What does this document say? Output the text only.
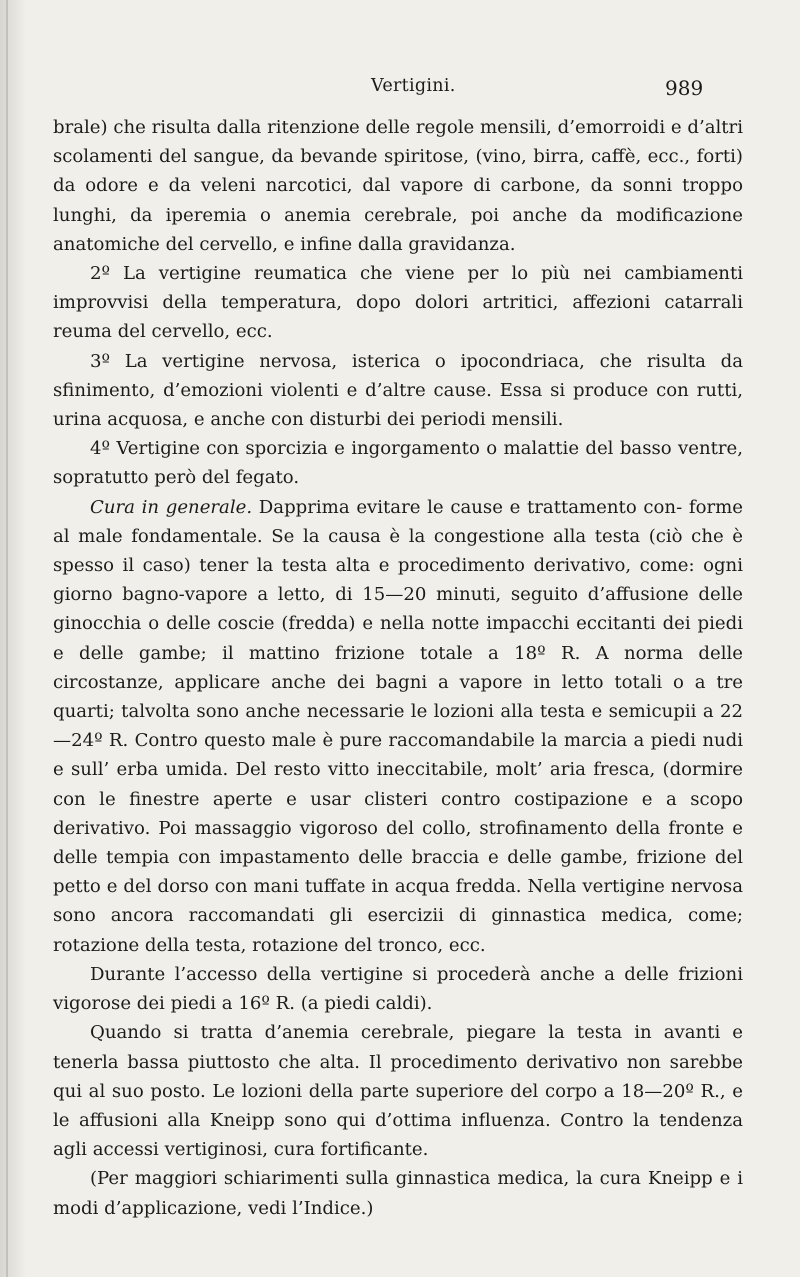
Vertigini.	989

brale) che risulta dalla ritenzione delle regole mensili, d’emorroidi e d’altri scolamenti del sangue, da bevande spiritose, (vino, birra, caffè, ecc., forti) da odore e da veleni narcotici, dal vapore di carbone, da sonni troppo lunghi, da iperemia o anemia cerebrale, poi anche da modificazione anatomiche del cervello, e infine dalla gravidanza.

2º La vertigine reumatica che viene per lo più nei cambiamenti improvvisi della temperatura, dopo dolori artritici, affezioni catarrali reuma del cervello, ecc.

3º La vertigine nervosa, isterica o ipocondriaca, che risulta da sfinimento, d’emozioni violenti e d’altre cause. Essa si produce con rutti, urina acquosa, e anche con disturbi dei periodi mensili.

4º Vertigine con sporcizia e ingorgamento o malattie del basso ventre, sopratutto però del fegato.

Cura in generale. Dapprima evitare le cause e trattamento con- forme al male fondamentale. Se la causa è la congestione alla testa (ciò che è spesso il caso) tener la testa alta e procedimento derivativo, come: ogni giorno bagno-vapore a letto, di 15—20 minuti, seguito d’affusione delle ginocchia o delle coscie (fredda) e nella notte impacchi eccitanti dei piedi e delle gambe; il mattino frizione totale a 18º R. A norma delle circostanze, applicare anche dei bagni a vapore in letto totali o a tre quarti; talvolta sono anche necessarie le lozioni alla testa e semicupii a 22—24º R. Contro questo male è pure raccomandabile la marcia a piedi nudi e sull’ erba umida. Del resto vitto ineccitabile, molt’ aria fresca, (dormire con le finestre aperte e usar clisteri contro costipazione e a scopo derivativo. Poi massaggio vigoroso del collo, strofinamento della fronte e delle tempia con impastamento delle braccia e delle gambe, frizione del petto e del dorso con mani tuffate in acqua fredda. Nella vertigine nervosa sono ancora raccomandati gli esercizii di ginnastica medica, come; rotazione della testa, rotazione del tronco, ecc.

Durante l’accesso della vertigine si procederà anche a delle frizioni vigorose dei piedi a 16º R. (a piedi caldi).

Quando si tratta d’anemia cerebrale, piegare la testa in avanti e tenerla bassa piuttosto che alta. Il procedimento derivativo non sarebbe qui al suo posto. Le lozioni della parte superiore del corpo a 18—20º R., e le affusioni alla Kneipp sono qui d’ottima influenza. Contro la tendenza agli accessi vertiginosi, cura fortificante.

(Per maggiori schiarimenti sulla ginnastica medica, la cura Kneipp e i modi d’applicazione, vedi l’Indice.)
